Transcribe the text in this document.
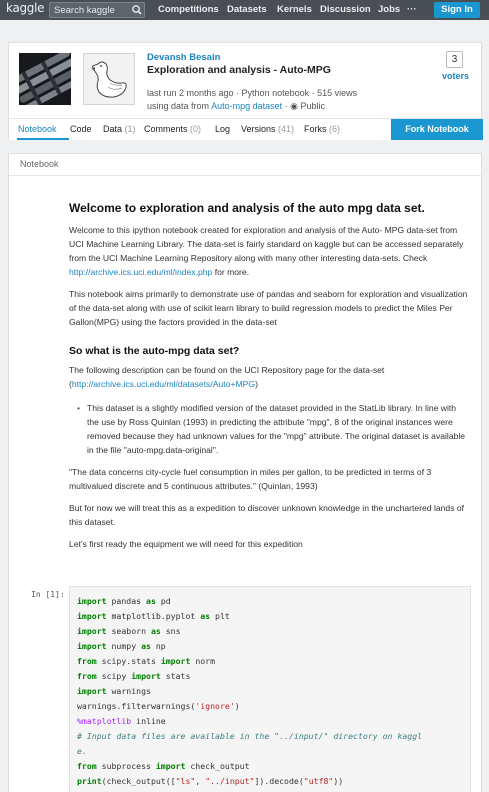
kaggle
Search kaggle	Competitions Datasets Kernels Discussion Jobs ···	Sign In
Devansh Besain
Exploration and analysis - Auto-MPG
last run 2 months ago · Python notebook · 515 views
using data from Auto-mpg dataset · ◉ Public
3
voters
Notebook Code Data (1) Comments (0) Log Versions (41) Forks (6)	Fork Notebook
Notebook
Welcome to exploration and analysis of the auto mpg data set.

Welcome to this ipython notebook created for exploration and analysis of the Auto- MPG data-set from UCI Machine Learning Library. The data-set is fairly standard on kaggle but can be accessed separately from the UCI Machine Learning Repository along with many other interesting data-sets. Check http://archive.ics.uci.edu/ml/index.php for more.

This notebook aims primarily to demonstrate use of pandas and seaborn for exploration and visualization of the data-set along with use of scikit learn library to build regression models to predict the Miles Per Gallon(MPG) using the factors provided in the data-set

So what is the auto-mpg data set?

The following description can be found on the UCI Repository page for the data-set (http://archive.ics.uci.edu/ml/datasets/Auto+MPG)

• This dataset is a slightly modified version of the dataset provided in the StatLib library. In line with the use by Ross Quinlan (1993) in predicting the attribute "mpg", 8 of the original instances were removed because they had unknown values for the "mpg" attribute. The original dataset is available in the file "auto-mpg.data-original".

"The data concerns city-cycle fuel consumption in miles per gallon, to be predicted in terms of 3 multivalued discrete and 5 continuous attributes." (Quinlan, 1993)

But for now we will treat this as a expedition to discover unknown knowledge in the unchartered lands of this dataset.

Let's first ready the equipment we will need for this expedition

In [1]:
import pandas as pd
import matplotlib.pyplot as plt
import seaborn as sns
import numpy as np
from scipy.stats import norm
from scipy import stats
import warnings
warnings.filterwarnings('ignore')
%matplotlib inline
# Input data files are available in the "../input/" directory on kaggl
e.
from subprocess import check_output
print(check_output(["ls", "../input"]).decode("utf8"))
